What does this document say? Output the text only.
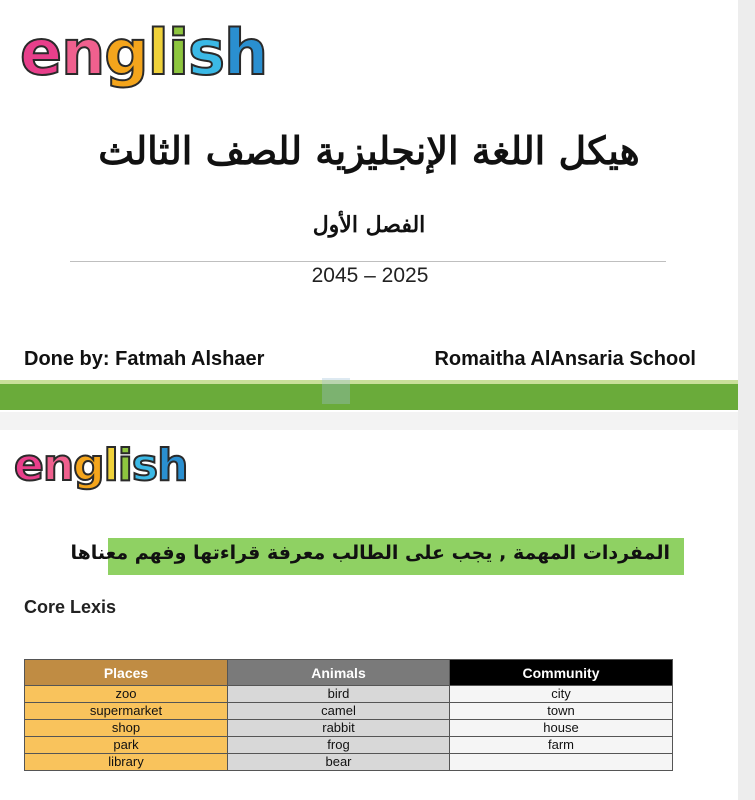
english
هيكل اللغة الإنجليزية للصف الثالث
الفصل الأول
2045 – 2025
Done by: Fatmah Alshaer	Romaitha AlAnsaria School
english
المفردات المهمة , يجب على الطالب معرفة قراءتها وفهم معناها
Core Lexis
Places	Animals	Community
zoo	bird	city
supermarket	camel	town
shop	rabbit	house
park	frog	farm
library	bear	
